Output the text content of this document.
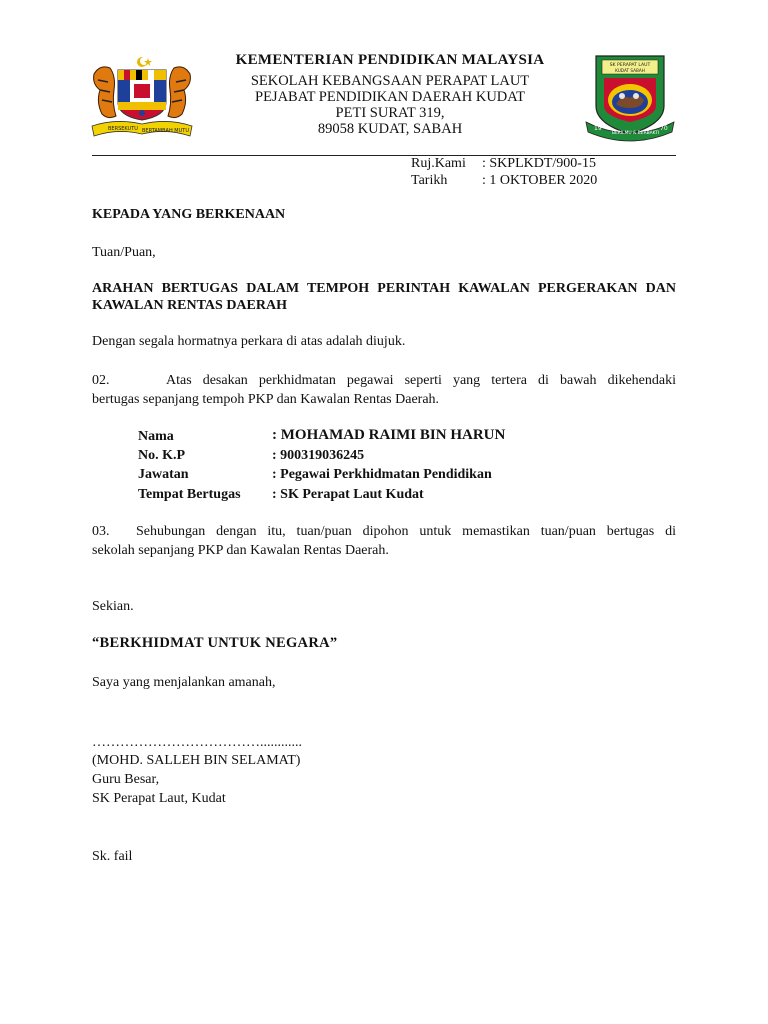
BERSEKUTU BERTAMBAH MUTU
KEMENTERIAN PENDIDIKAN MALAYSIA
SEKOLAH KEBANGSAAN PERAPAT LAUT
PEJABAT PENDIDIKAN DAERAH KUDAT
PETI SURAT 319,
89058 KUDAT, SABAH
SK PERAPAT LAUT
KUDAT SABAH
19
BERILMU & BERBAKTI
70
Ruj.Kami : SKPLKDT/900-15
Tarikh : 1 OKTOBER 2020
KEPADA YANG BERKENAAN
Tuan/Puan,
ARAHAN BERTUGAS DALAM TEMPOH PERINTAH KAWALAN PERGERAKAN DAN
KAWALAN RENTAS DAERAH
Dengan segala hormatnya perkara di atas adalah diujuk.
02.	Atas desakan perkhidmatan pegawai seperti yang tertera di bawah dikehendaki
bertugas sepanjang tempoh PKP dan Kawalan Rentas Daerah.
Nama	: MOHAMAD RAIMI BIN HARUN
No. K.P	: 900319036245
Jawatan	: Pegawai Perkhidmatan Pendidikan
Tempat Bertugas : SK Perapat Laut Kudat
03. Sehubungan dengan itu, tuan/puan dipohon untuk memastikan tuan/puan bertugas di
sekolah sepanjang PKP dan Kawalan Rentas Daerah.
Sekian.
“BERKHIDMAT UNTUK NEGARA”
Saya yang menjalankan amanah,
………………………………............
(MOHD. SALLEH BIN SELAMAT)
Guru Besar,
SK Perapat Laut, Kudat
Sk. fail
